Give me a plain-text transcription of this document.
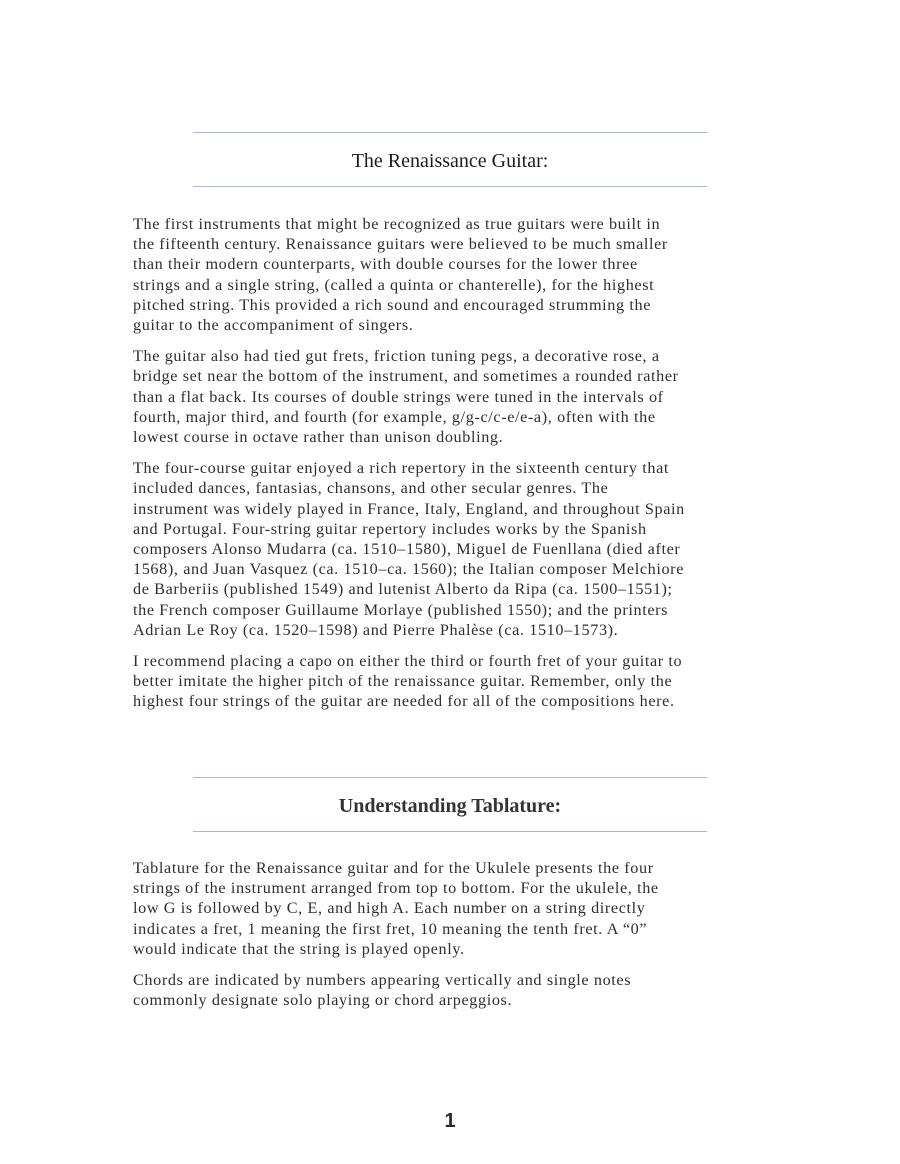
The Renaissance Guitar:

The first instruments that might be recognized as true guitars were built in
the fifteenth century. Renaissance guitars were believed to be much smaller
than their modern counterparts, with double courses for the lower three
strings and a single string, (called a quinta or chanterelle), for the highest
pitched string. This provided a rich sound and encouraged strumming the
guitar to the accompaniment of singers.

The guitar also had tied gut frets, friction tuning pegs, a decorative rose, a
bridge set near the bottom of the instrument, and sometimes a rounded rather
than a flat back. Its courses of double strings were tuned in the intervals of
fourth, major third, and fourth (for example, g/g-c/c-e/e-a), often with the
lowest course in octave rather than unison doubling.

The four-course guitar enjoyed a rich repertory in the sixteenth century that
included dances, fantasias, chansons, and other secular genres. The
instrument was widely played in France, Italy, England, and throughout Spain
and Portugal. Four-string guitar repertory includes works by the Spanish
composers Alonso Mudarra (ca. 1510–1580), Miguel de Fuenllana (died after
1568), and Juan Vasquez (ca. 1510–ca. 1560); the Italian composer Melchiore
de Barberiis (published 1549) and lutenist Alberto da Ripa (ca. 1500–1551);
the French composer Guillaume Morlaye (published 1550); and the printers
Adrian Le Roy (ca. 1520–1598) and Pierre Phalèse (ca. 1510–1573).

I recommend placing a capo on either the third or fourth fret of your guitar to
better imitate the higher pitch of the renaissance guitar. Remember, only the
highest four strings of the guitar are needed for all of the compositions here.

Understanding Tablature:

Tablature for the Renaissance guitar and for the Ukulele presents the four
strings of the instrument arranged from top to bottom. For the ukulele, the
low G is followed by C, E, and high A. Each number on a string directly
indicates a fret, 1 meaning the first fret, 10 meaning the tenth fret. A “0”
would indicate that the string is played openly.

Chords are indicated by numbers appearing vertically and single notes
commonly designate solo playing or chord arpeggios.

1
